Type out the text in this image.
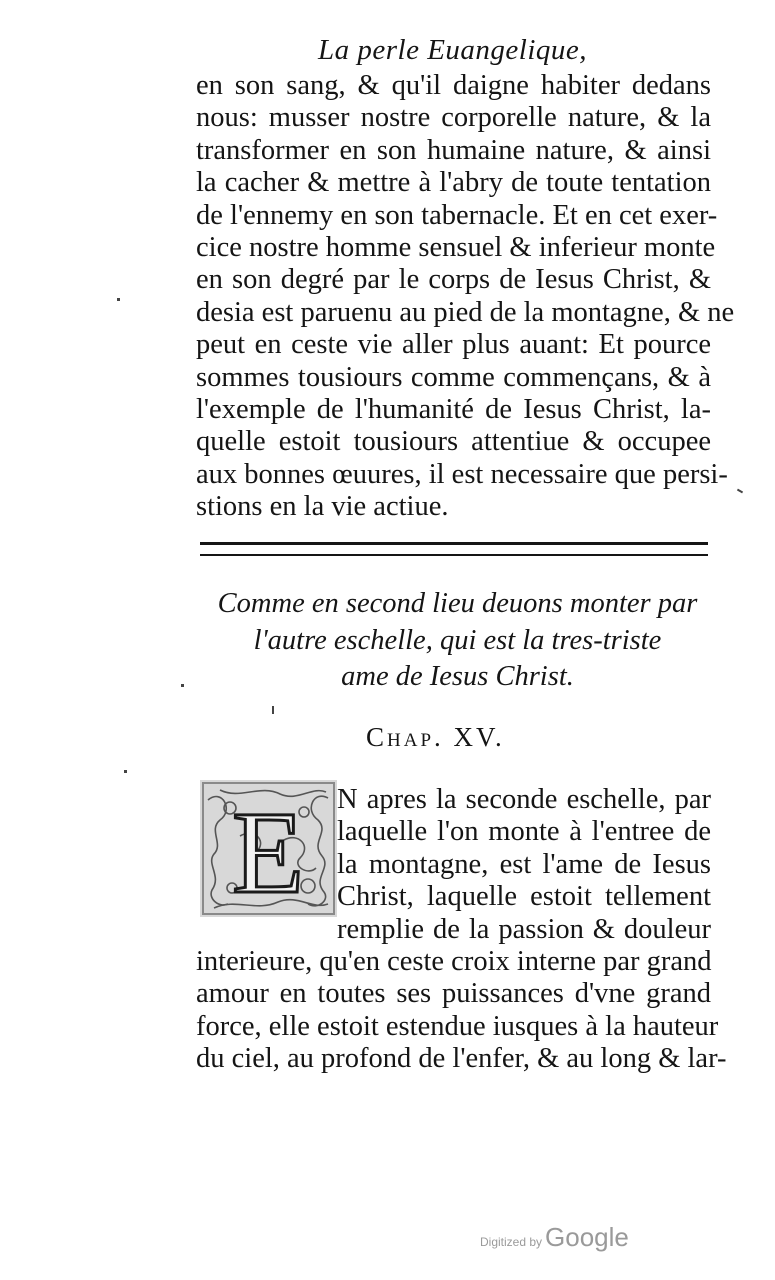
La perle Euangelique,
en son sang, & qu'il daigne habiter dedans
nous: musser nostre corporelle nature, & la
transformer en son humaine nature, & ainsi
la cacher & mettre à l'abry de toute tentation
de l'ennemy en son tabernacle. Et en cet exer-
cice nostre homme sensuel & inferieur monte
en son degré par le corps de Iesus Christ, &
desia est paruenu au pied de la montagne, & ne
peut en ceste vie aller plus auant: Et pource
sommes tousiours comme commençans, & à
l'exemple de l'humanité de Iesus Christ, la-
quelle estoit tousiours attentiue & occupee
aux bonnes œuures, il est necessaire que persi-
stions en la vie actiue.
Comme en second lieu deuons monter par
l'autre eschelle, qui est la tres-triste
ame de Iesus Christ.
Chap. XV.
E N apres la seconde eschelle, par
laquelle l'on monte à l'entree de
la montagne, est l'ame de Iesus
Christ, laquelle estoit tellement
remplie de la passion & douleur
interieure, qu'en ceste croix interne par grand
amour en toutes ses puissances d'vne grand
force, elle estoit estendue iusques à la hauteur
du ciel, au profond de l'enfer, & au long & lar-
Digitized by Google
